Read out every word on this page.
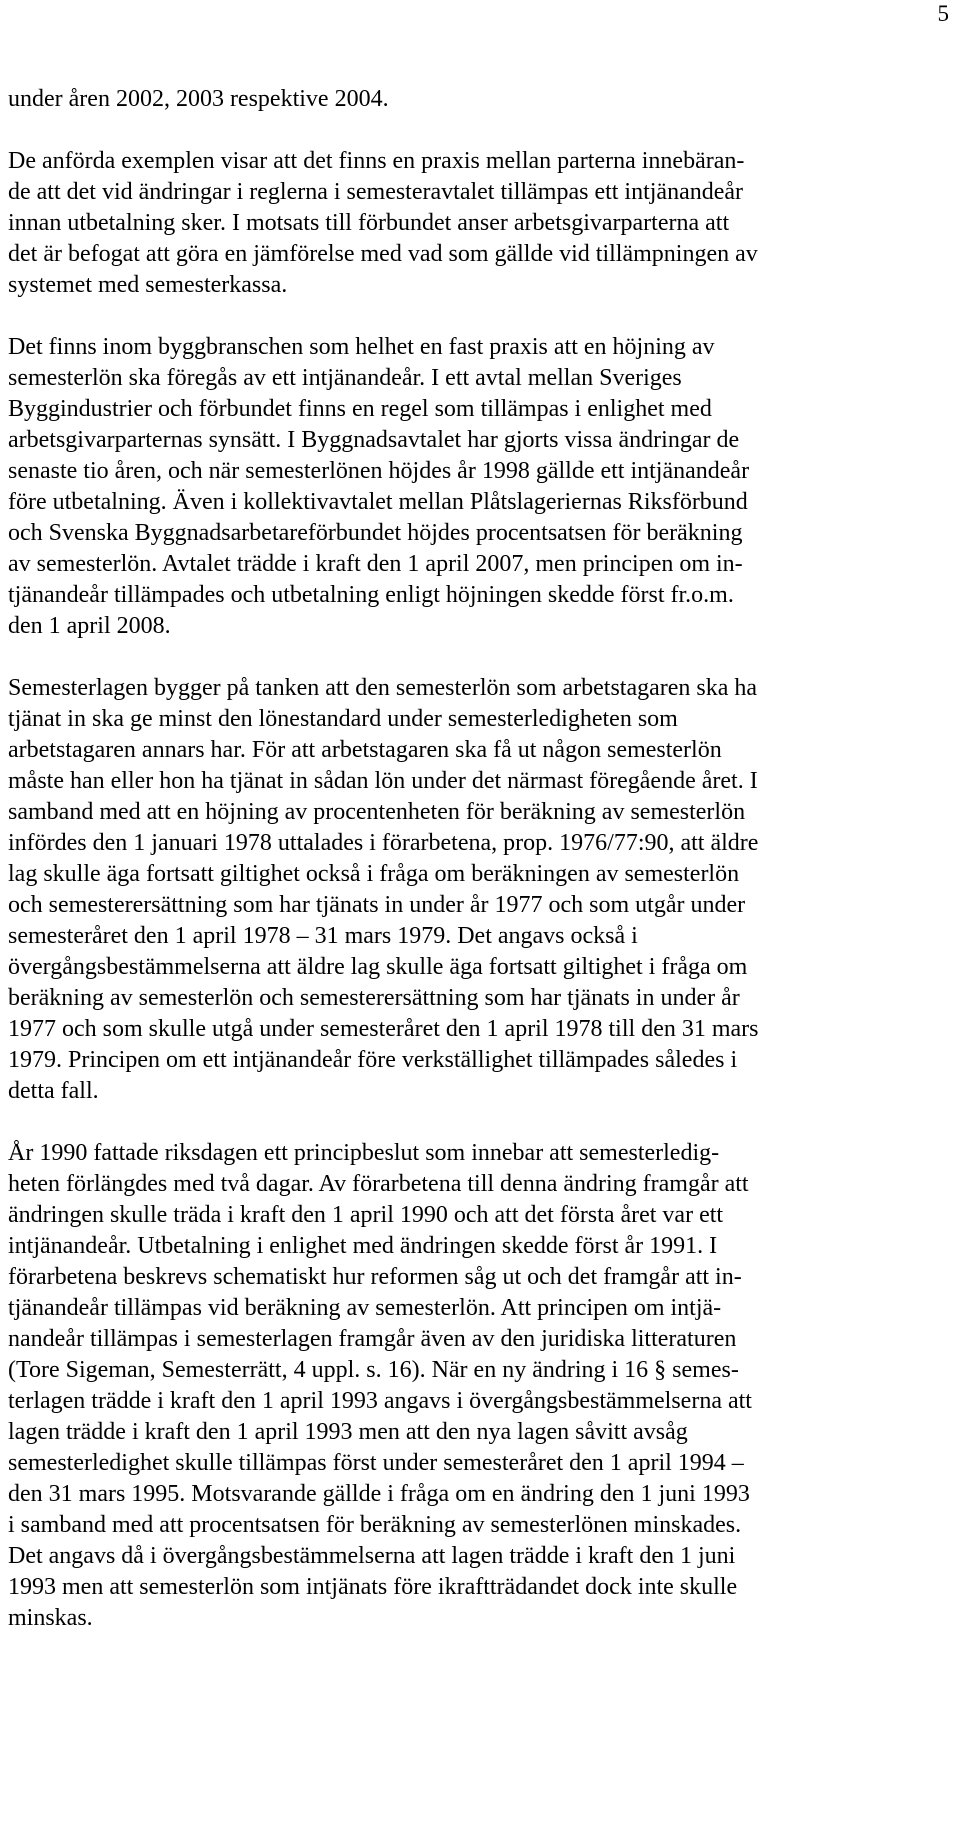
5

under åren 2002, 2003 respektive 2004.

De anförda exemplen visar att det finns en praxis mellan parterna innebäran-
de att det vid ändringar i reglerna i semesteravtalet tillämpas ett intjänandeår
innan utbetalning sker. I motsats till förbundet anser arbetsgivarparterna att
det är befogat att göra en jämförelse med vad som gällde vid tillämpningen av
systemet med semesterkassa.

Det finns inom byggbranschen som helhet en fast praxis att en höjning av
semesterlön ska föregås av ett intjänandeår. I ett avtal mellan Sveriges
Byggindustrier och förbundet finns en regel som tillämpas i enlighet med
arbetsgivarparternas synsätt. I Byggnadsavtalet har gjorts vissa ändringar de
senaste tio åren, och när semesterlönen höjdes år 1998 gällde ett intjänandeår
före utbetalning. Även i kollektivavtalet mellan Plåtslageriernas Riksförbund
och Svenska Byggnadsarbetareförbundet höjdes procentsatsen för beräkning
av semesterlön. Avtalet trädde i kraft den 1 april 2007, men principen om in-
tjänandeår tillämpades och utbetalning enligt höjningen skedde först fr.o.m.
den 1 april 2008.

Semesterlagen bygger på tanken att den semesterlön som arbetstagaren ska ha
tjänat in ska ge minst den lönestandard under semesterledigheten som
arbetstagaren annars har. För att arbetstagaren ska få ut någon semesterlön
måste han eller hon ha tjänat in sådan lön under det närmast föregående året. I
samband med att en höjning av procentenheten för beräkning av semesterlön
infördes den 1 januari 1978 uttalades i förarbetena, prop. 1976/77:90, att äldre
lag skulle äga fortsatt giltighet också i fråga om beräkningen av semesterlön
och semesterersättning som har tjänats in under år 1977 och som utgår under
semesteråret den 1 april 1978 – 31 mars 1979. Det angavs också i
övergångsbestämmelserna att äldre lag skulle äga fortsatt giltighet i fråga om
beräkning av semesterlön och semesterersättning som har tjänats in under år
1977 och som skulle utgå under semesteråret den 1 april 1978 till den 31 mars
1979. Principen om ett intjänandeår före verkställighet tillämpades således i
detta fall.

År 1990 fattade riksdagen ett principbeslut som innebar att semesterledig-
heten förlängdes med två dagar. Av förarbetena till denna ändring framgår att
ändringen skulle träda i kraft den 1 april 1990 och att det första året var ett
intjänandeår. Utbetalning i enlighet med ändringen skedde först år 1991. I
förarbetena beskrevs schematiskt hur reformen såg ut och det framgår att in-
tjänandeår tillämpas vid beräkning av semesterlön. Att principen om intjä-
nandeår tillämpas i semesterlagen framgår även av den juridiska litteraturen
(Tore Sigeman, Semesterrätt, 4 uppl. s. 16). När en ny ändring i 16 § semes-
terlagen trädde i kraft den 1 april 1993 angavs i övergångsbestämmelserna att
lagen trädde i kraft den 1 april 1993 men att den nya lagen såvitt avsåg
semesterledighet skulle tillämpas först under semesteråret den 1 april 1994 –
den 31 mars 1995. Motsvarande gällde i fråga om en ändring den 1 juni 1993
i samband med att procentsatsen för beräkning av semesterlönen minskades.
Det angavs då i övergångsbestämmelserna att lagen trädde i kraft den 1 juni
1993 men att semesterlön som intjänats före ikraftträdandet dock inte skulle
minskas.
